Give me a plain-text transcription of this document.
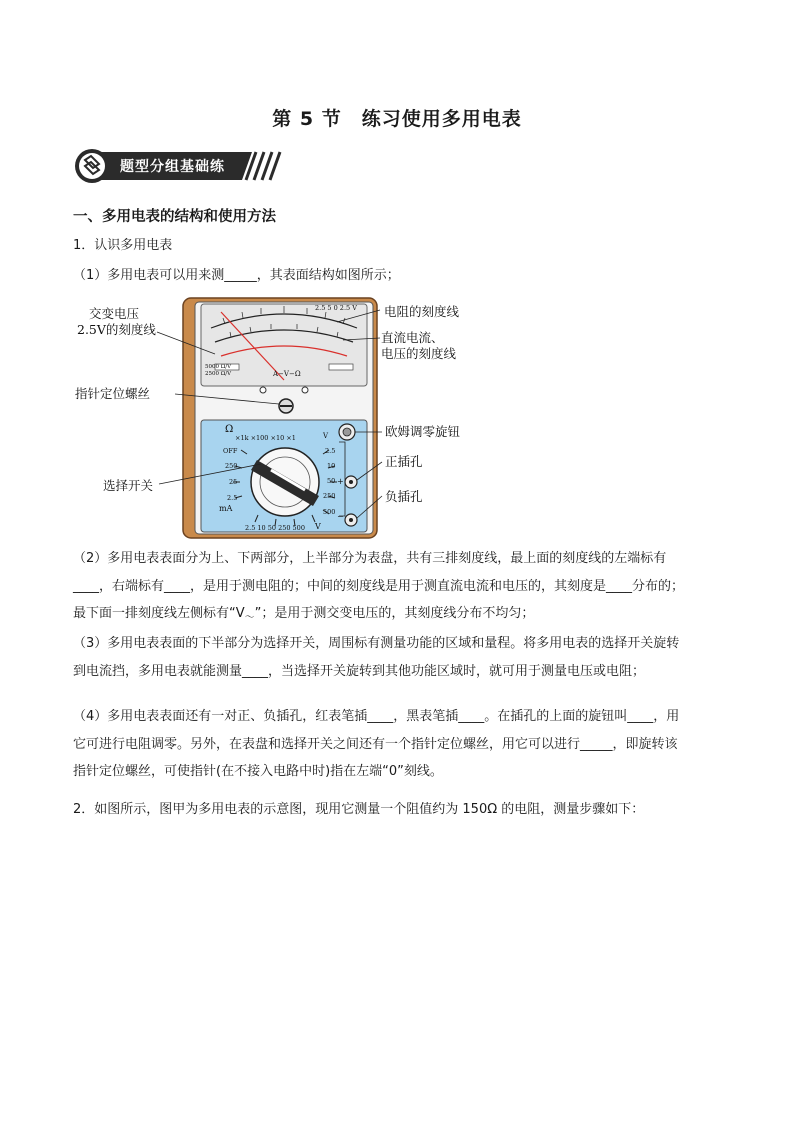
第 5 节　练习使用多用电表
题型分组基础练
一、多用电表的结构和使用方法
1．认识多用电表
（1）多用电表可以用来测_____，其表面结构如图所示；
2.5 5 0 2.5 V
A−V−Ω
5000 Ω/V
2500 Ω/V
Ω
×1k ×100 ×10 ×1
OFF
250
25
2.5
mA
V
2.5
10
50
250
500
2.5 10 50 250 500 V
+
−
交变电压
2.5V的刻度线
电阻的刻度线
直流电流、
电压的刻度线
指针定位螺丝
欧姆调零旋钮
正插孔
负插孔
选择开关
（2）多用电表表面分为上、下两部分，上半部分为表盘，共有三排刻度线，最上面的刻度线的左端标有
____，右端标有____，是用于测电阻的；中间的刻度线是用于测直流电流和电压的，其刻度是____分布的；
最下面一排刻度线左侧标有“$V_\sim$”；是用于测交变电压的，其刻度线分布不均匀；
（3）多用电表表面的下半部分为选择开关，周围标有测量功能的区域和量程。将多用电表的选择开关旋转
到电流挡，多用电表就能测量____，当选择开关旋转到其他功能区域时，就可用于测量电压或电阻；
（4）多用电表表面还有一对正、负插孔，红表笔插____，黑表笔插____。在插孔的上面的旋钮叫____，用
它可进行电阻调零。另外，在表盘和选择开关之间还有一个指针定位螺丝，用它可以进行_____，即旋转该
指针定位螺丝，可使指针(在不接入电路中时)指在左端“0”刻线。
2．如图所示，图甲为多用电表的示意图，现用它测量一个阻值约为 150Ω 的电阻，测量步骤如下：
